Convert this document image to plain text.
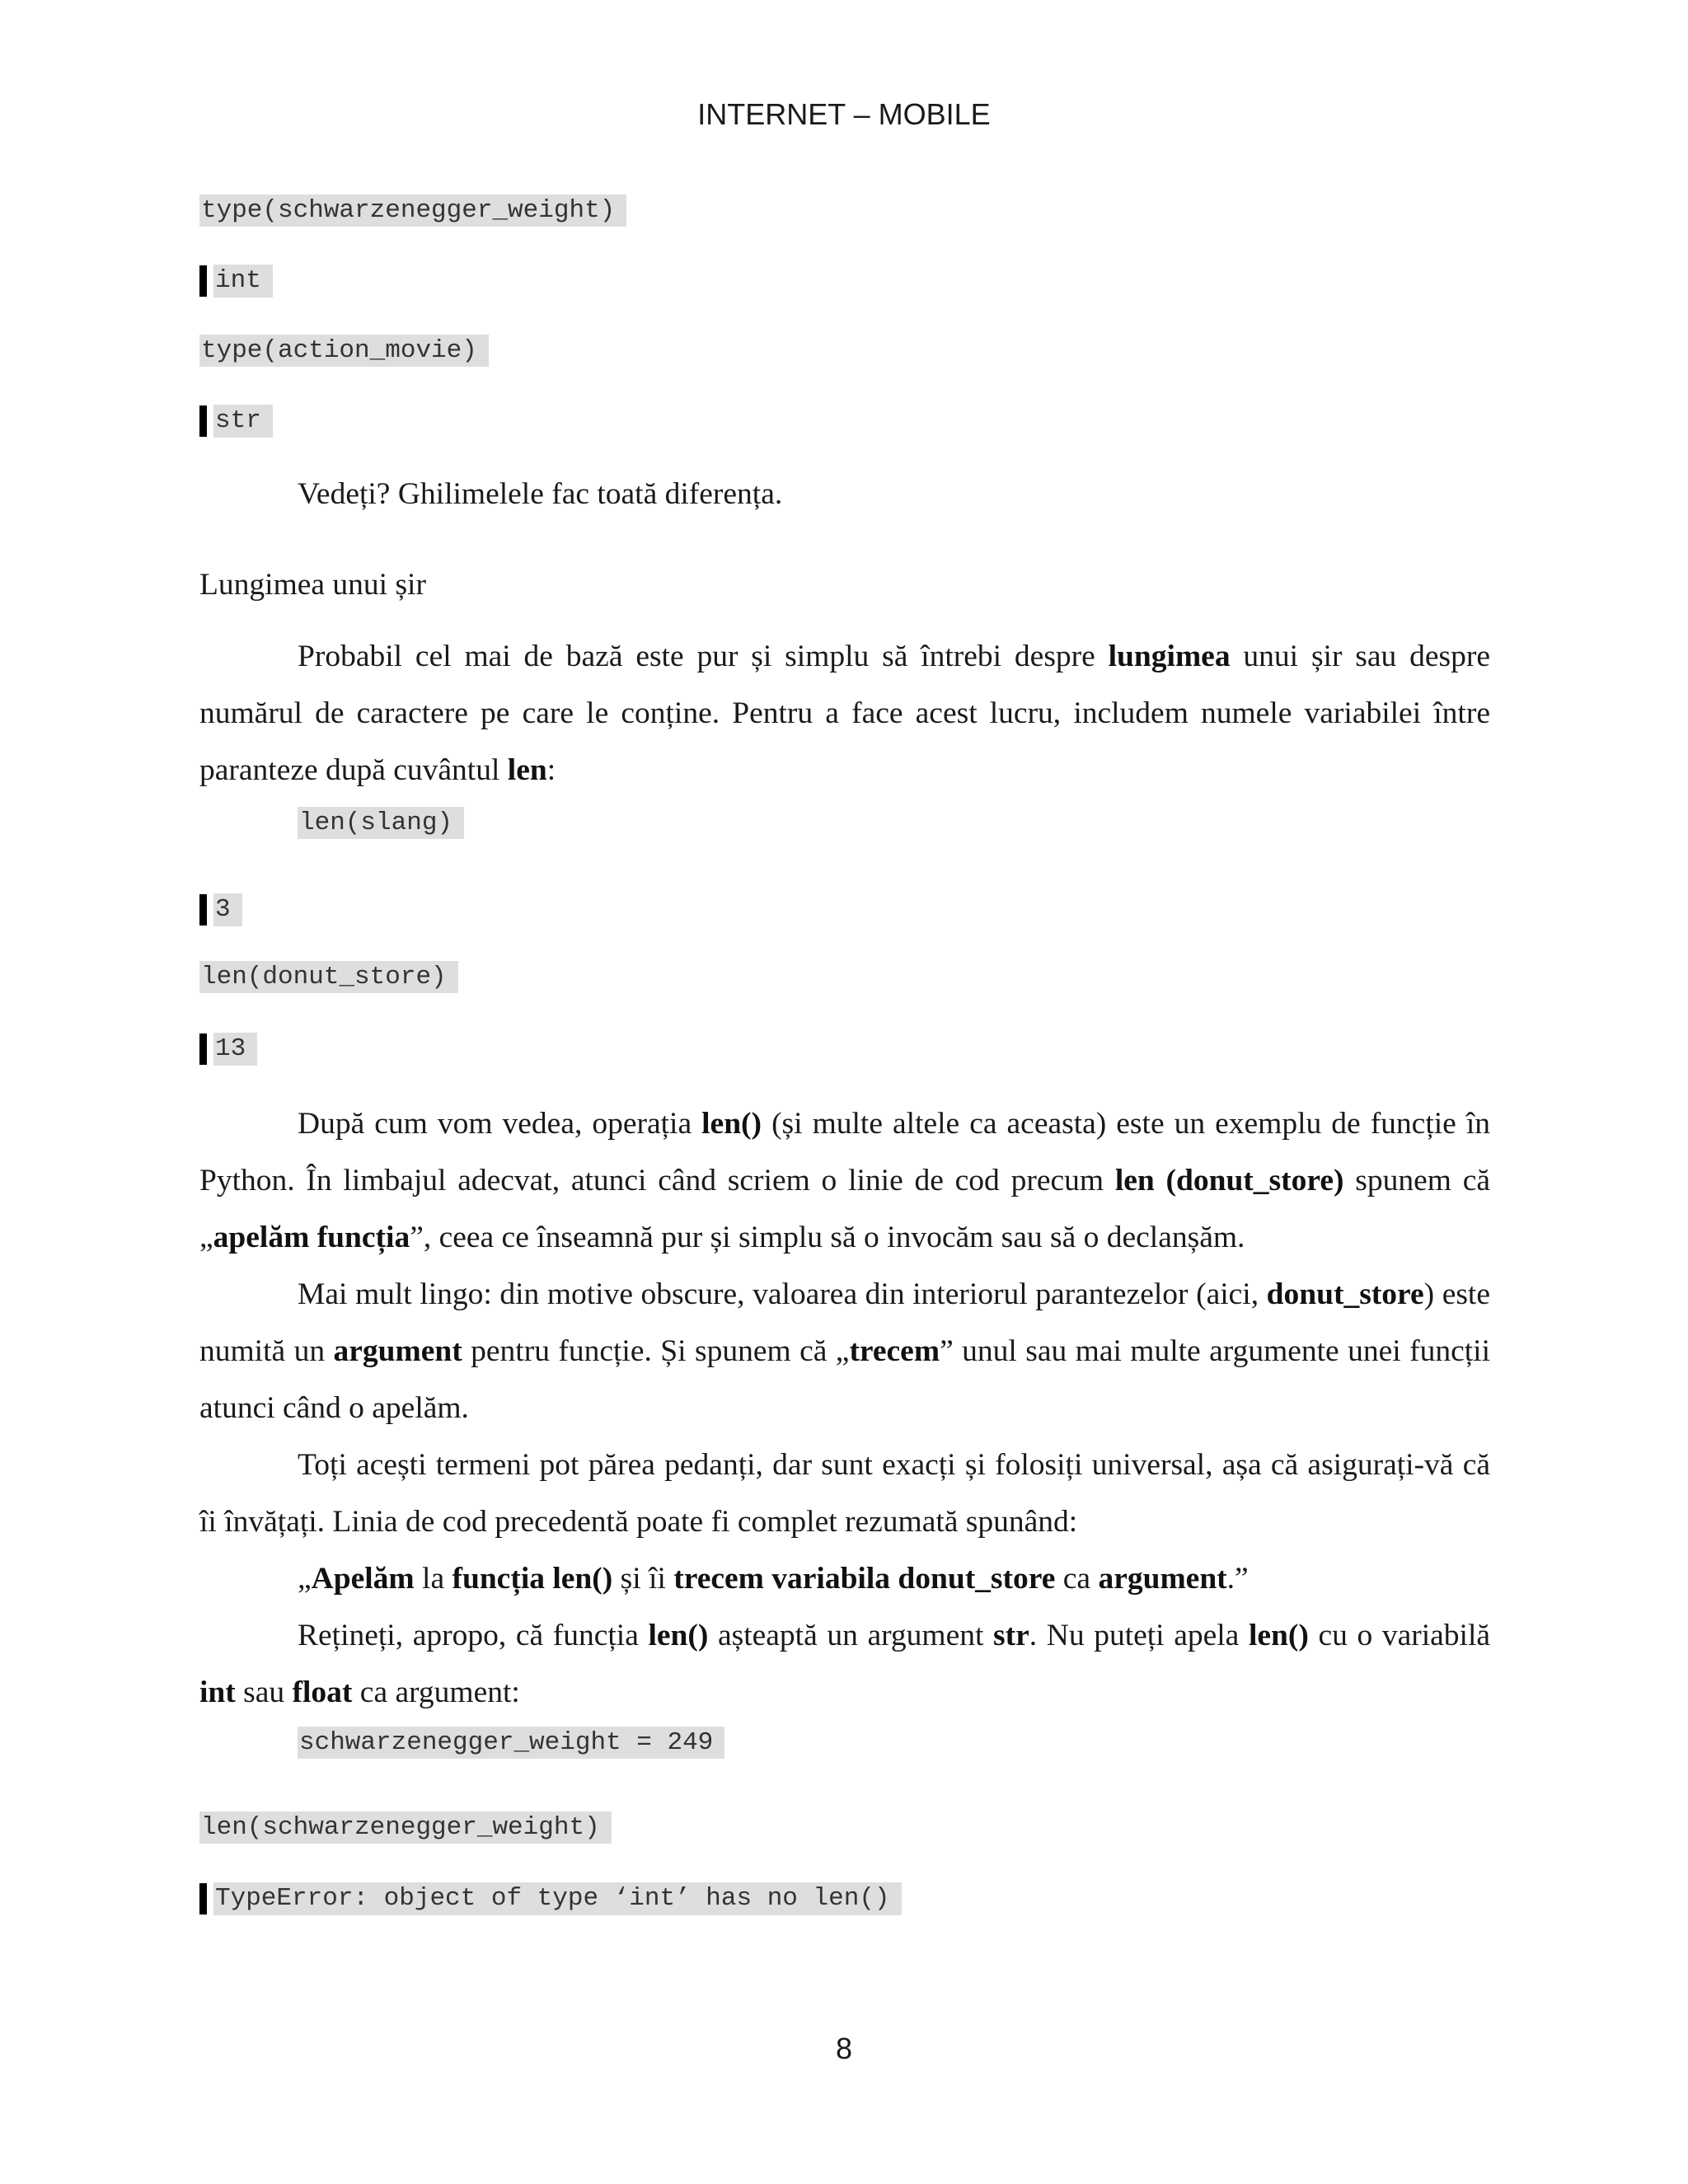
INTERNET – MOBILE
type(schwarzenegger_weight)
int
type(action_movie)
str
Vedeți? Ghilimelele fac toată diferența.
Lungimea unui șir

Probabil cel mai de bază este pur și simplu să întrebi despre lungimea unui șir sau despre numărul de caractere pe care le conține. Pentru a face acest lucru, includem numele variabilei între paranteze după cuvântul len:

len(slang)
3
len(donut_store)
13

După cum vom vedea, operația len() (și multe altele ca aceasta) este un exemplu de funcție în Python. În limbajul adecvat, atunci când scriem o linie de cod precum len (donut_store) spunem că „apelăm funcția”, ceea ce înseamnă pur și simplu să o invocăm sau să o declanșăm.

Mai mult lingo: din motive obscure, valoarea din interiorul parantezelor (aici, donut_store) este numită un argument pentru funcție. Și spunem că „trecem” unul sau mai multe argumente unei funcții atunci când o apelăm.

Toți acești termeni pot părea pedanți, dar sunt exacți și folosiți universal, așa că asigurați-vă că îi învățați. Linia de cod precedentă poate fi complet rezumată spunând:

„Apelăm la funcția len() și îi trecem variabila donut_store ca argument.”

Rețineți, apropo, că funcția len() așteaptă un argument str. Nu puteți apela len() cu o variabilă int sau float ca argument:

schwarzenegger_weight = 249
len(schwarzenegger_weight)
TypeError: object of type ‘int’ has no len()
8
